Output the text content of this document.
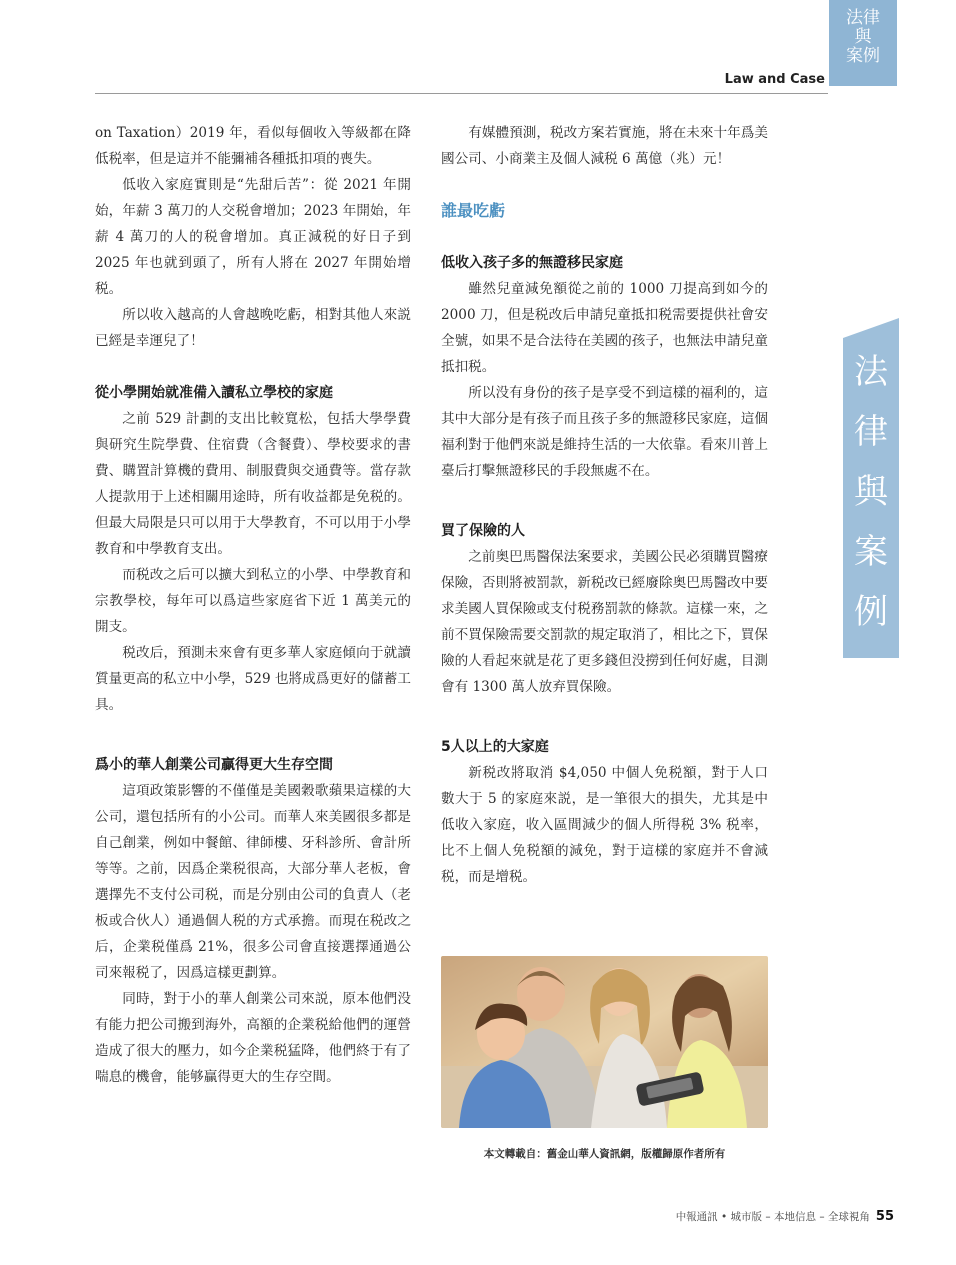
法律
與
案例
Law and Case
法
律
與
案
例

on Taxation）2019 年，看似每個收入等級都在降低税率，但是這并不能彌補各種抵扣項的喪失。

低收入家庭實則是“先甜后苦”：從 2021 年開始，年薪 3 萬刀的人交税會增加；2023 年開始，年薪 4 萬刀的人的税會增加。真正減税的好日子到 2025 年也就到頭了，所有人將在 2027 年開始增税。

所以收入越高的人會越晚吃虧，相對其他人來説已經是幸運兒了！

從小學開始就准備入讀私立學校的家庭

之前 529 計劃的支出比較寬松，包括大學學費與研究生院學費、住宿費（含餐費）、學校要求的書費、購置計算機的費用、制服費與交通費等。當存款人提款用于上述相關用途時，所有收益都是免税的。但最大局限是只可以用于大學教育，不可以用于小學教育和中學教育支出。

而税改之后可以擴大到私立的小學、中學教育和宗教學校，每年可以爲這些家庭省下近 1 萬美元的開支。

税改后，預測未來會有更多華人家庭傾向于就讀質量更高的私立中小學，529 也將成爲更好的儲蓄工具。

爲小的華人創業公司贏得更大生存空間

這項政策影響的不僅僅是美國穀歌蘋果這樣的大公司，還包括所有的小公司。而華人來美國很多都是自己創業，例如中餐館、律師樓、牙科診所、會計所等等。之前，因爲企業税很高，大部分華人老板，會選擇先不支付公司税，而是分别由公司的負責人（老板或合伙人）通過個人税的方式承擔。而現在税改之后，企業税僅爲 21%，很多公司會直接選擇通過公司來報税了，因爲這樣更劃算。

同時，對于小的華人創業公司來説，原本他們没有能力把公司搬到海外，高額的企業税給他們的運營造成了很大的壓力，如今企業税猛降，他們終于有了喘息的機會，能够贏得更大的生存空間。

有媒體預測，税改方案若實施，將在未來十年爲美國公司、小商業主及個人減税 6 萬億（兆）元！

誰最吃虧
低收入孩子多的無證移民家庭

雖然兒童減免額從之前的 1000 刀提高到如今的 2000 刀，但是税改后申請兒童抵扣税需要提供社會安全號，如果不是合法待在美國的孩子，也無法申請兒童抵扣税。

所以没有身份的孩子是享受不到這樣的福利的，這其中大部分是有孩子而且孩子多的無證移民家庭，這個福利對于他們來説是維持生活的一大依靠。看來川普上臺后打擊無證移民的手段無處不在。

買了保險的人

之前奥巴馬醫保法案要求，美國公民必須購買醫療保險，否則將被罰款，新税改已經廢除奥巴馬醫改中要求美國人買保險或支付税務罰款的條款。這樣一來，之前不買保險需要交罰款的規定取消了，相比之下，買保險的人看起來就是花了更多錢但没撈到任何好處，目測會有 1300 萬人放弃買保險。

5人以上的大家庭

新税改將取消 $4,050 中個人免税額，對于人口數大于 5 的家庭來説，是一筆很大的損失，尤其是中低收入家庭，收入區間減少的個人所得税 3% 税率，比不上個人免税額的減免，對于這樣的家庭并不會減税，而是增税。

本文轉載自：舊金山華人資訊網，版權歸原作者所有
中報通訊 • 城市版 – 本地信息 – 全球視角 55
